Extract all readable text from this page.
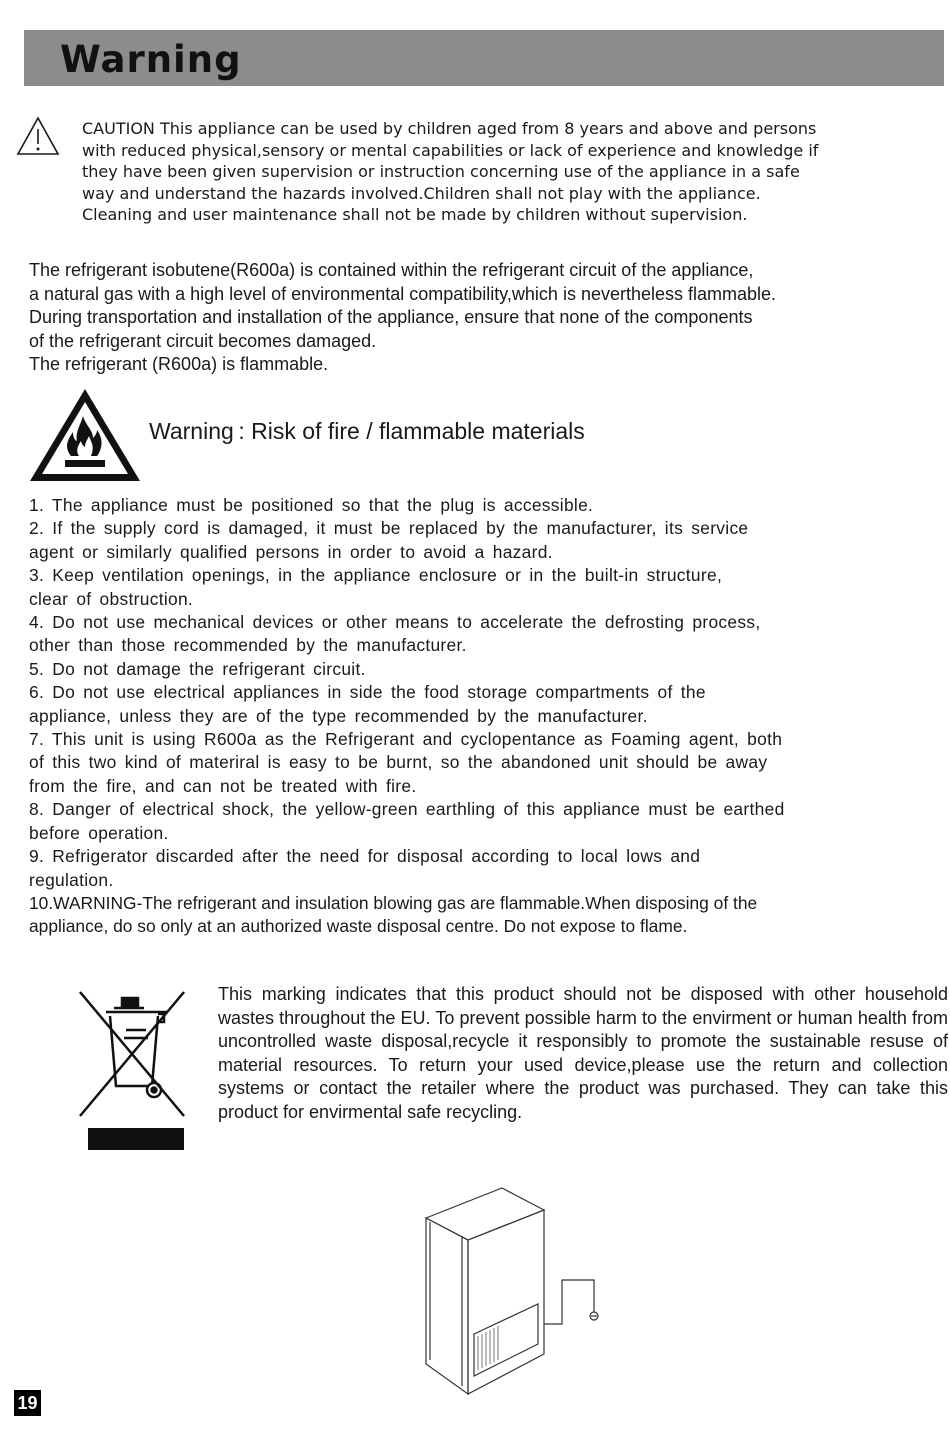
Warning
CAUTION This appliance can be used by children aged from 8 years and above and persons
with reduced physical,sensory or mental capabilities or lack of experience and knowledge if
they have been given supervision or instruction concerning use of the appliance in a safe
way and understand the hazards involved.Children shall not play with the appliance.
Cleaning and user maintenance shall not be made by children without supervision.
The refrigerant isobutene(R600a) is contained within the refrigerant circuit of the appliance,
a natural gas with a high level of environmental compatibility,which is nevertheless flammable.
During transportation and installation of the appliance, ensure that none of the components
of the refrigerant circuit becomes damaged.
The refrigerant (R600a) is flammable.
Warning : Risk of fire / flammable materials
1. The appliance must be positioned so that the plug is accessible.
2. If the supply cord is damaged, it must be replaced by the manufacturer, its service
agent or similarly qualified persons in order to avoid a hazard.
3. Keep ventilation openings, in the appliance enclosure or in the built-in structure,
clear of obstruction.
4. Do not use mechanical devices or other means to accelerate the defrosting process,
other than those recommended by the manufacturer.
5. Do not damage the refrigerant circuit.
6. Do not use electrical appliances in side the food storage compartments of the
appliance, unless they are of the type recommended by the manufacturer.
7. This unit is using R600a as the Refrigerant and cyclopentance as Foaming agent, both
of this two kind of materiral is easy to be burnt, so the abandoned unit should be away
from the fire, and can not be treated with fire.
8. Danger of electrical shock, the yellow-green earthling of this appliance must be earthed
before operation.
9. Refrigerator discarded after the need for disposal according to local lows and
regulation.
10.WARNING-The refrigerant and insulation blowing gas are flammable.When disposing of the
appliance, do so only at an authorized waste disposal centre. Do not expose to flame.
This marking indicates that this product should not be disposed with other household wastes throughout the EU. To prevent possible harm to the envirment or human health from uncontrolled waste disposal,recycle it responsibly to promote the sustainable resuse of material resources. To return your used device,please use the return and collection systems or contact the retailer where the product was purchased. They can take this product for envirmental safe recycling.
19
